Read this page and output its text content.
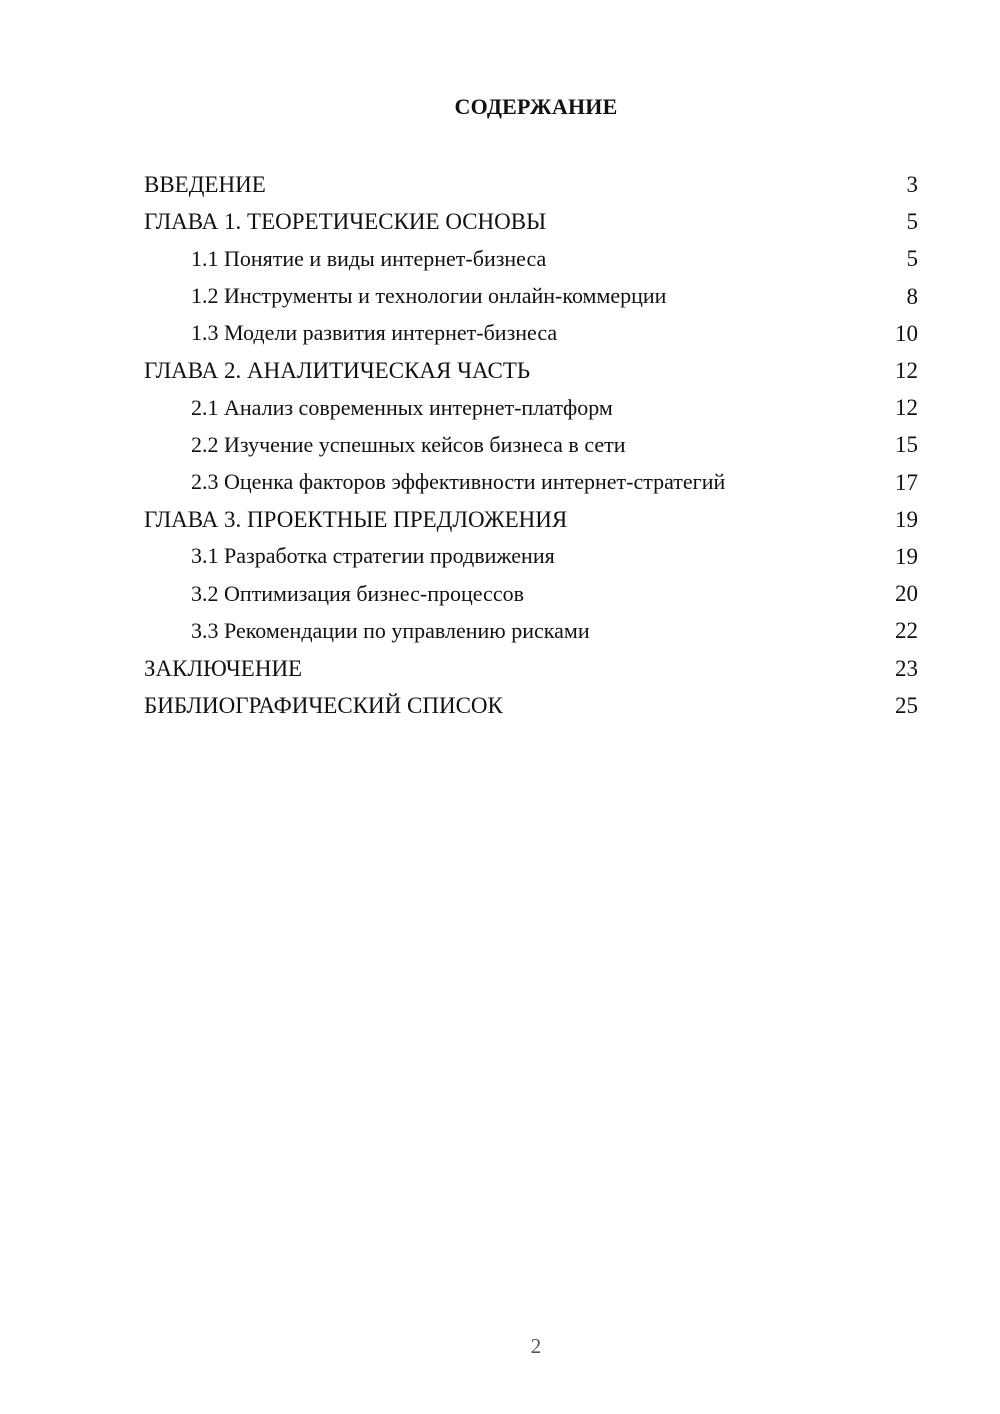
СОДЕРЖАНИЕ
ВВЕДЕНИЕ	3
ГЛАВА 1. ТЕОРЕТИЧЕСКИЕ ОСНОВЫ	5
1.1 Понятие и виды интернет-бизнеса	5
1.2 Инструменты и технологии онлайн-коммерции	8
1.3 Модели развития интернет-бизнеса	10
ГЛАВА 2. АНАЛИТИЧЕСКАЯ ЧАСТЬ	12
2.1 Анализ современных интернет-платформ	12
2.2 Изучение успешных кейсов бизнеса в сети	15
2.3 Оценка факторов эффективности интернет-стратегий	17
ГЛАВА 3. ПРОЕКТНЫЕ ПРЕДЛОЖЕНИЯ	19
3.1 Разработка стратегии продвижения	19
3.2 Оптимизация бизнес-процессов	20
3.3 Рекомендации по управлению рисками	22
ЗАКЛЮЧЕНИЕ	23
БИБЛИОГРАФИЧЕСКИЙ СПИСОК	25
2
